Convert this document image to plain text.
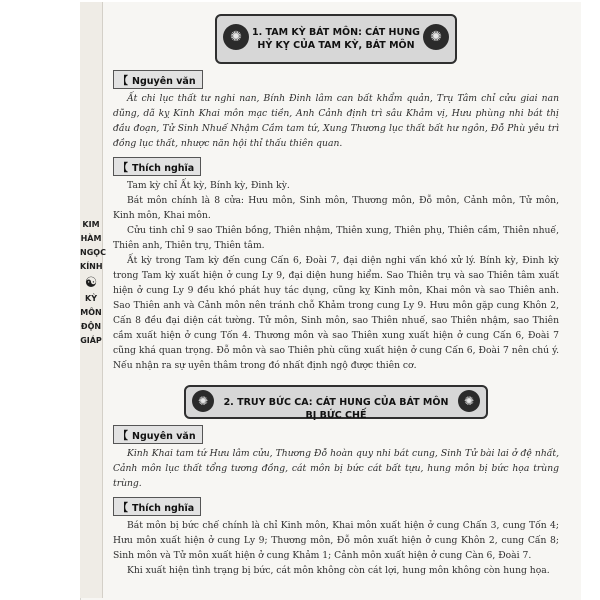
✺	1. TAM KỲ BÁT MÔN: CÁT HUNG
HỶ KỴ CỦA TAM KỲ, BÁT MÔN
✺
【 Nguyên văn

Ất chi lục thất tư nghi nan, Bính Đinh lâm can bất khẩm quản, Trụ Tâm chỉ cửu giai nan dũng, dã kỵ Kinh Khai môn mạc tiền, Anh Cảnh định trì sâu Khảm vị, Hưu phùng nhi bát thị đầu đoạn, Tử Sinh Nhuế Nhậm Cầm tam tứ, Xung Thương lục thất bất hư ngôn, Đỗ Phù yêu trì đồng lục thất, nhược năn hội thỉ thấu thiên quan.

【 Thích nghĩa

Tam kỳ chỉ Ất kỳ, Bính kỳ, Đinh kỳ.

Bát môn chính là 8 cửa: Hưu môn, Sinh môn, Thương môn, Đỗ môn, Cảnh môn, Tử môn, Kinh môn, Khai môn.

Cửu tinh chỉ 9 sao Thiên bồng, Thiên nhậm, Thiên xung, Thiên phụ, Thiên cầm, Thiên nhuế, Thiên anh, Thiên trụ, Thiên tâm.

Ất kỳ trong Tam kỳ đến cung Cấn 6, Đoài 7, đại diện nghi vấn khó xử lý. Bính kỳ, Đinh kỳ trong Tam kỳ xuất hiện ở cung Ly 9, đại diện hung hiểm. Sao Thiên trụ và sao Thiên tâm xuất hiện ở cung Ly 9 đều khó phát huy tác dụng, cũng kỵ Kinh môn, Khai môn và sao Thiên anh. Sao Thiên anh và Cảnh môn nên tránh chỗ Khảm trong cung Ly 9. Hưu môn gặp cung Khôn 2, Cấn 8 đều đại diện cát tường. Tử môn, Sinh môn, sao Thiên nhuế, sao Thiên nhậm, sao Thiên cầm xuất hiện ở cung Tốn 4. Thương môn và sao Thiên xung xuất hiện ở cung Cấn 6, Đoài 7 cũng khá quan trọng. Đỗ môn và sao Thiên phù cũng xuất hiện ở cung Cấn 6, Đoài 7 nên chú ý. Nếu nhận ra sự uyên thâm trong đó nhất định ngộ được thiên cơ.

✺	2. TRUY BỨC CA: CÁT HUNG CỦA BÁT MÔN BỊ BỨC CHẾ
✺
【 Nguyên văn

Kinh Khai tam tứ Hưu lâm cửu, Thương Đỗ hoàn quy nhi bát cung, Sinh Tử bài lai ở đệ nhất, Cảnh môn lục thất tổng tương đồng, cát môn bị bức cát bất tựu, hung môn bị bức họa trùng trùng.

【 Thích nghĩa

Bát môn bị bức chế chính là chỉ Kinh môn, Khai môn xuất hiện ở cung Chấn 3, cung Tốn 4; Hưu môn xuất hiện ở cung Ly 9; Thương môn, Đỗ môn xuất hiện ở cung Khôn 2, cung Cấn 8; Sinh môn và Tử môn xuất hiện ở cung Khảm 1; Cảnh môn xuất hiện ở cung Càn 6, Đoài 7.

Khi xuất hiện tình trạng bị bức, cát môn không còn cát lợi, hung môn không còn hung họa.

KIM
HÀM
NGỌC
KÍNH
☯
KỲ
MÔN
ĐỘN
GIÁP
